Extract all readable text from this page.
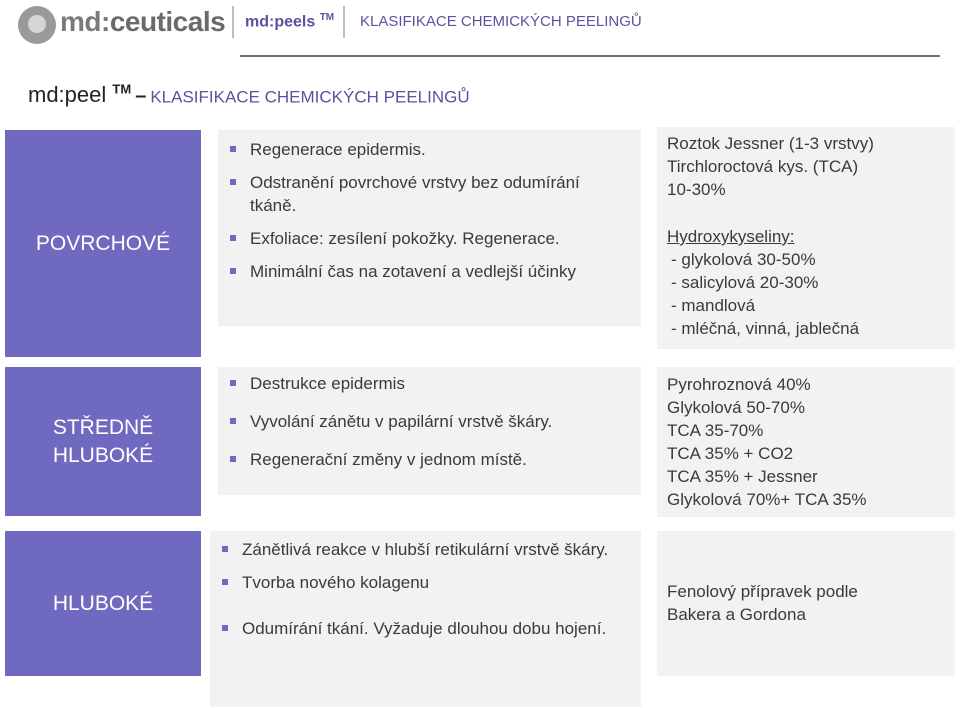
md:ceuticals md:peels ™ KLASIFIKACE CHEMICKÝCH PEELINGŮ
md:peel ™ – KLASIFIKACE CHEMICKÝCH PEELINGŮ
POVRCHOVÉ
Regenerace epidermis.
Odstranění povrchové vrstvy bez odumírání tkáně.
Exfoliace: zesílení pokožky. Regenerace.
Minimální čas na zotavení a vedlejší účinky
Roztok Jessner (1-3 vrstvy)
Tirchloroctová kys. (TCA)
10-30%
Hydroxykyseliny:
- glykolová 30-50%
- salicylová 20-30%
- mandlová
- mléčná, vinná, jablečná
STŘEDNĚ
HLUBOKÉ
Destrukce epidermis
Vyvolání zánětu v papilární vrstvě škáry.
Regenerační změny v jednom místě.
Pyrohroznová 40%
Glykolová 50-70%
TCA 35-70%
TCA 35% + CO2
TCA 35% + Jessner
Glykolová 70%+ TCA 35%
HLUBOKÉ
Zánětlivá reakce v hlubší retikulární vrstvě škáry.
Tvorba nového kolagenu
Odumírání tkání. Vyžaduje dlouhou dobu hojení.
Fenolový přípravek podle
Bakera a Gordona
